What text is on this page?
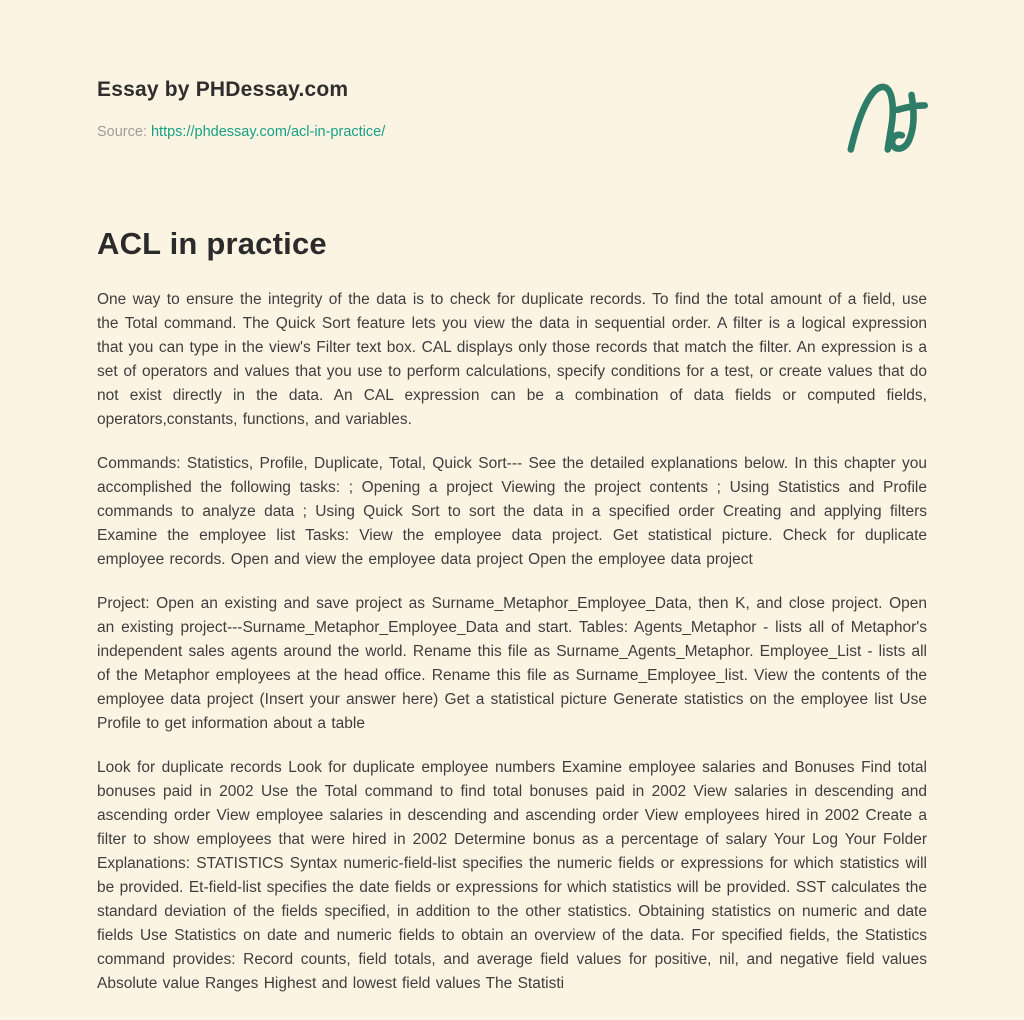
Essay by PHDessay.com
Source: https://phdessay.com/acl-in-practice/
ACL in practice

One way to ensure the integrity of the data is to check for duplicate records. To find the total amount of a field, use the Total command. The Quick Sort feature lets you view the data in sequential order. A filter is a logical expression that you can type in the view's Filter text box. CAL displays only those records that match the filter. An expression is a set of operators and values that you use to perform calculations, specify conditions for a test, or create values that do not exist directly in the data. An CAL expression can be a combination of data fields or computed fields, operators,constants, functions, and variables.

Commands: Statistics, Profile, Duplicate, Total, Quick Sort--- See the detailed explanations below. In this chapter you accomplished the following tasks: ; Opening a project Viewing the project contents ; Using Statistics and Profile commands to analyze data ; Using Quick Sort to sort the data in a specified order Creating and applying filters Examine the employee list Tasks: View the employee data project. Get statistical picture. Check for duplicate employee records. Open and view the employee data project Open the employee data project

Project: Open an existing and save project as Surname_Metaphor_Employee_Data, then K, and close project. Open an existing project---Surname_Metaphor_Employee_Data and start. Tables: Agents_Metaphor - lists all of Metaphor's independent sales agents around the world. Rename this file as Surname_Agents_Metaphor. Employee_List - lists all of the Metaphor employees at the head office. Rename this file as Surname_Employee_list. View the contents of the employee data project (Insert your answer here) Get a statistical picture Generate statistics on the employee list Use Profile to get information about a table

Look for duplicate records Look for duplicate employee numbers Examine employee salaries and Bonuses Find total bonuses paid in 2002 Use the Total command to find total bonuses paid in 2002 View salaries in descending and ascending order View employee salaries in descending and ascending order View employees hired in 2002 Create a filter to show employees that were hired in 2002 Determine bonus as a percentage of salary Your Log Your Folder Explanations: STATISTICS Syntax numeric-field-list specifies the numeric fields or expressions for which statistics will be provided. Et-field-list specifies the date fields or expressions for which statistics will be provided. SST calculates the standard deviation of the fields specified, in addition to the other statistics. Obtaining statistics on numeric and date fields Use Statistics on date and numeric fields to obtain an overview of the data. For specified fields, the Statistics command provides: Record counts, field totals, and average field values for positive, nil, and negative field values Absolute value Ranges Highest and lowest field values The Statisti
